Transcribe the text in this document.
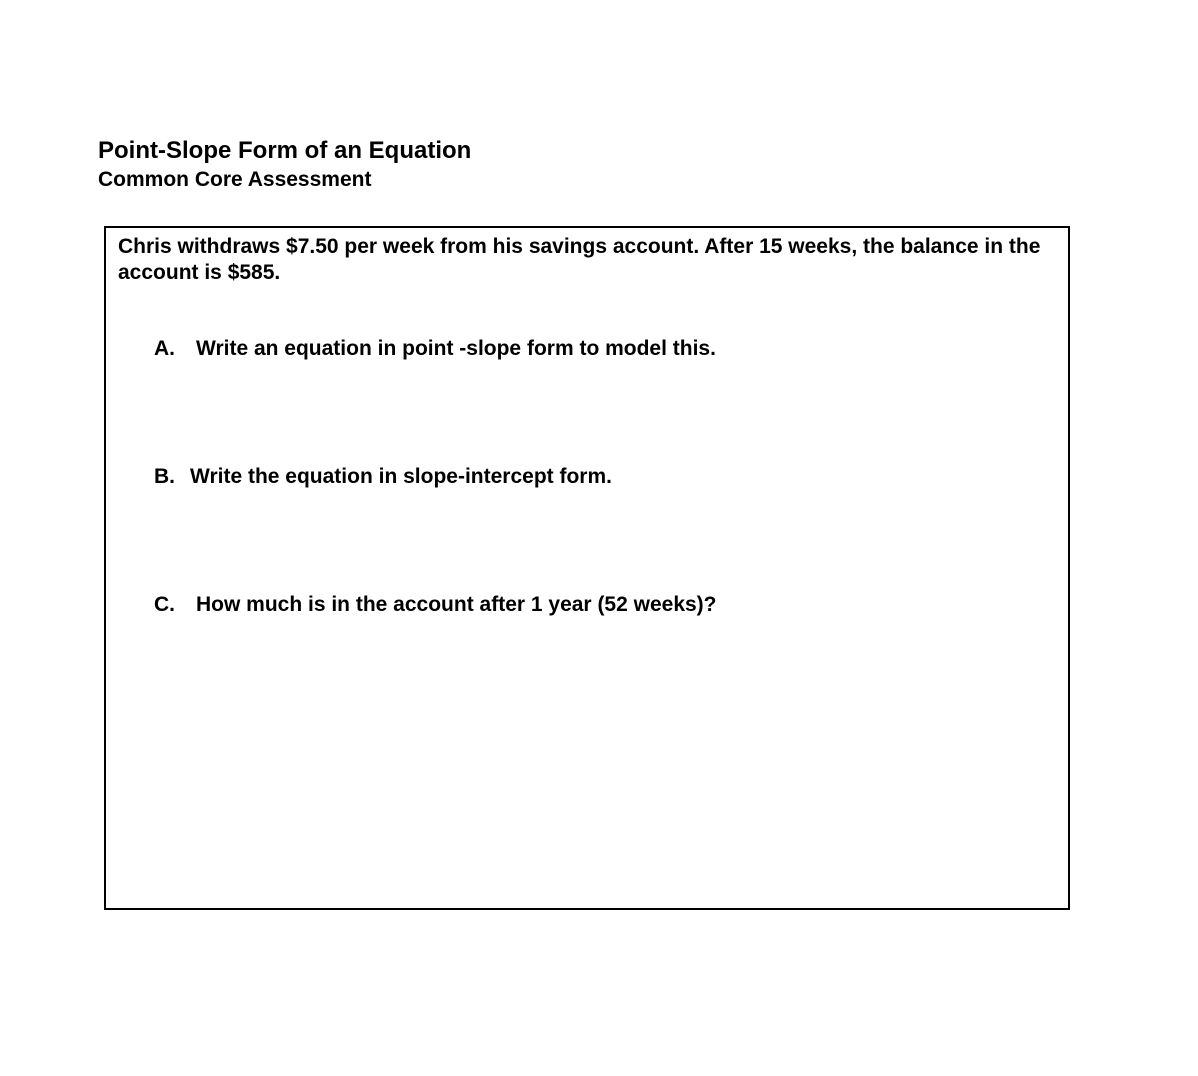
Point-Slope Form of an Equation

Common Core Assessment

Chris withdraws $7.50 per week from his savings account. After 15 weeks, the balance in the account is $585.

A. Write an equation in point -slope form to model this.
B. Write the equation in slope-intercept form.
C. How much is in the account after 1 year (52 weeks)?
